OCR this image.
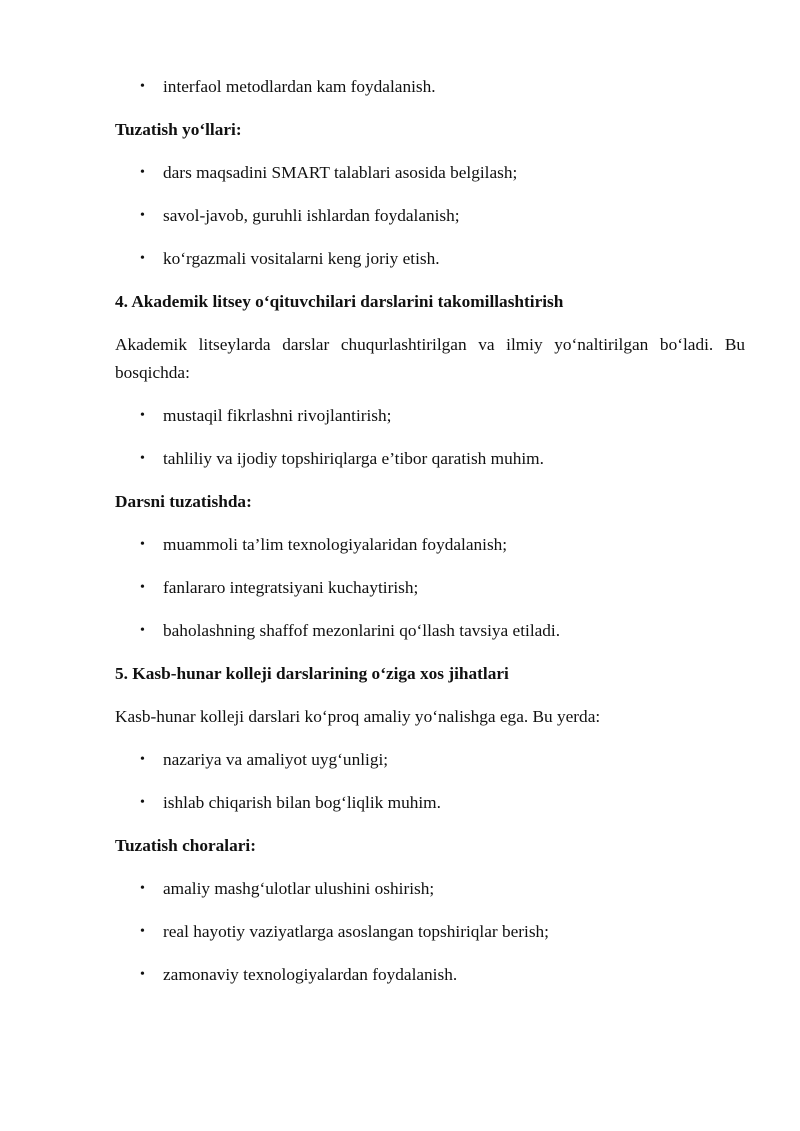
• interfaol metodlardan kam foydalanish.

Tuzatish yo‘llari:

• dars maqsadini SMART talablari asosida belgilash;
• savol-javob, guruhli ishlardan foydalanish;
• ko‘rgazmali vositalarni keng joriy etish.

4. Akademik litsey o‘qituvchilari darslarini takomillashtirish

Akademik litseylarda darslar chuqurlashtirilgan va ilmiy yo‘naltirilgan bo‘ladi. Bu bosqichda:

• mustaqil fikrlashni rivojlantirish;
• tahliliy va ijodiy topshiriqlarga e’tibor qaratish muhim.

Darsni tuzatishda:

• muammoli ta’lim texnologiyalaridan foydalanish;
• fanlararo integratsiyani kuchaytirish;
• baholashning shaffof mezonlarini qo‘llash tavsiya etiladi.

5. Kasb-hunar kolleji darslarining o‘ziga xos jihatlari

Kasb-hunar kolleji darslari ko‘proq amaliy yo‘nalishga ega. Bu yerda:

• nazariya va amaliyot uyg‘unligi;
• ishlab chiqarish bilan bog‘liqlik muhim.

Tuzatish choralari:

• amaliy mashg‘ulotlar ulushini oshirish;
• real hayotiy vaziyatlarga asoslangan topshiriqlar berish;
• zamonaviy texnologiyalardan foydalanish.
